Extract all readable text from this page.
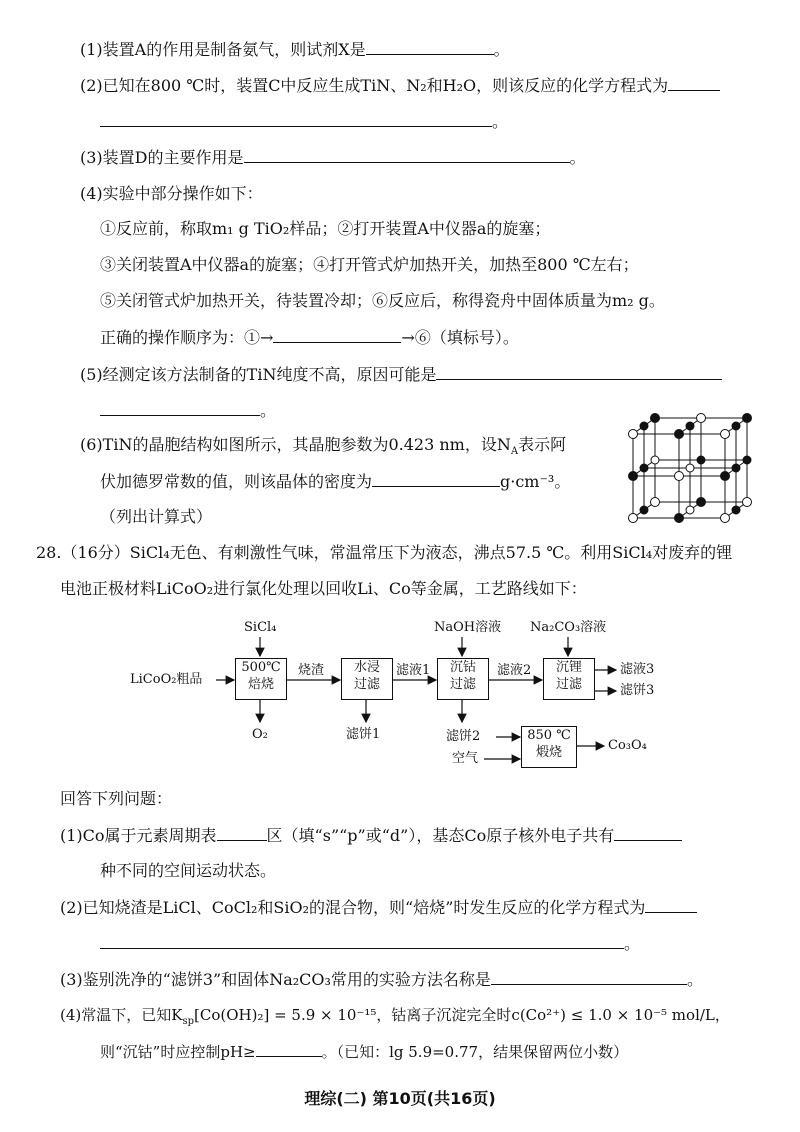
(1)装置A的作用是制备氨气，则试剂X是	。
(2)已知在800 ℃时，装置C中反应生成TiN、N₂和H₂O，则该反应的化学方程式为
。
(3)装置D的主要作用是	。
(4)实验中部分操作如下：
①反应前，称取m₁ g TiO₂样品；②打开装置A中仪器a的旋塞；
③关闭装置A中仪器a的旋塞；④打开管式炉加热开关，加热至800 ℃左右；
⑤关闭管式炉加热开关，待装置冷却；⑥反应后，称得瓷舟中固体质量为m₂ g。
正确的操作顺序为：①→	→⑥（填标号）。
(5)经测定该方法制备的TiN纯度不高，原因可能是
。
(6)TiN的晶胞结构如图所示，其晶胞参数为0.423 nm，设$N_A$表示阿
伏加德罗常数的值，则该晶体的密度为	g·cm⁻³。
（列出计算式）
28.（16分）SiCl₄无色、有刺激性气味，常温常压下为液态，沸点57.5 ℃。利用SiCl₄对废弃的锂
电池正极材料LiCoO₂进行氯化处理以回收Li、Co等金属，工艺路线如下：
SiCl₄	NaOH溶液 Na₂CO₃溶液
LiCoO₂粗品
500℃
焙烧
烧渣	水浸
过滤
滤液1	沉钴
过滤
滤液2	沉锂
过滤
滤液3
滤饼3
O₂	滤饼1	滤饼2
空气
850 ℃
煅烧	Co₃O₄
回答下列问题：
(1)Co属于元素周期表	区（填“s”“p”或“d”），基态Co原子核外电子共有
种不同的空间运动状态。
(2)已知烧渣是LiCl、CoCl₂和SiO₂的混合物，则“焙烧”时发生反应的化学方程式为
。
(3)鉴别洗净的“滤饼3”和固体Na₂CO₃常用的实验方法名称是	。
(4)常温下，已知$K_{sp}[Co(OH)_2] = 5.9 \times 10^{-15}$，钴离子沉淀完全时c(Co²⁺) ≤ 1.0 × 10⁻⁵ mol/L，
则“沉钴”时应控制pH≥	。（已知：lg 5.9=0.77，结果保留两位小数）
理综(二) 第10页(共16页)
